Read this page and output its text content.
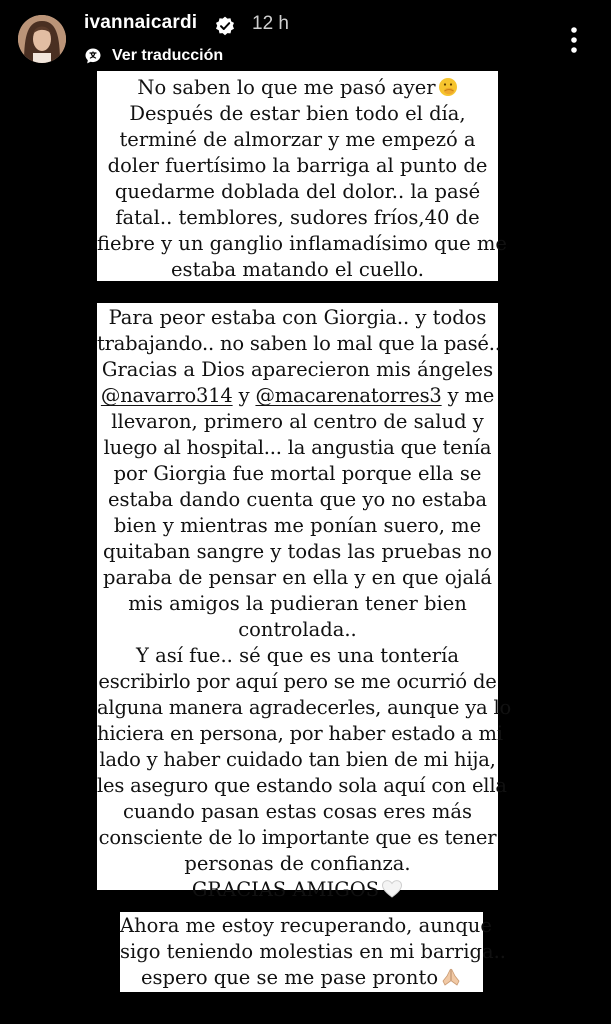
ivannaicardi	12 h
Ver traducción

No saben lo que me pasó ayer

Después de estar bien todo el día,

terminé de almorzar y me empezó a

doler fuertísimo la barriga al punto de

quedarme doblada del dolor.. la pasé

fatal.. temblores, sudores fríos,40 de

fiebre y un ganglio inflamadísimo que me

estaba matando el cuello.

Para peor estaba con Giorgia.. y todos

trabajando.. no saben lo mal que la pasé..

Gracias a Dios aparecieron mis ángeles

@navarro314 y @macarenatorres3 y me

llevaron, primero al centro de salud y

luego al hospital... la angustia que tenía

por Giorgia fue mortal porque ella se

estaba dando cuenta que yo no estaba

bien y mientras me ponían suero, me

quitaban sangre y todas las pruebas no

paraba de pensar en ella y en que ojalá

mis amigos la pudieran tener bien

controlada..

Y así fue.. sé que es una tontería

escribirlo por aquí pero se me ocurrió de

alguna manera agradecerles, aunque ya lo

hiciera en persona, por haber estado a mi

lado y haber cuidado tan bien de mi hija,

les aseguro que estando sola aquí con ella

cuando pasan estas cosas eres más

consciente de lo importante que es tener

personas de confianza.

GRACIAS AMIGOS

Ahora me estoy recuperando, aunque

sigo teniendo molestias en mi barriga..

espero que se me pase pronto
